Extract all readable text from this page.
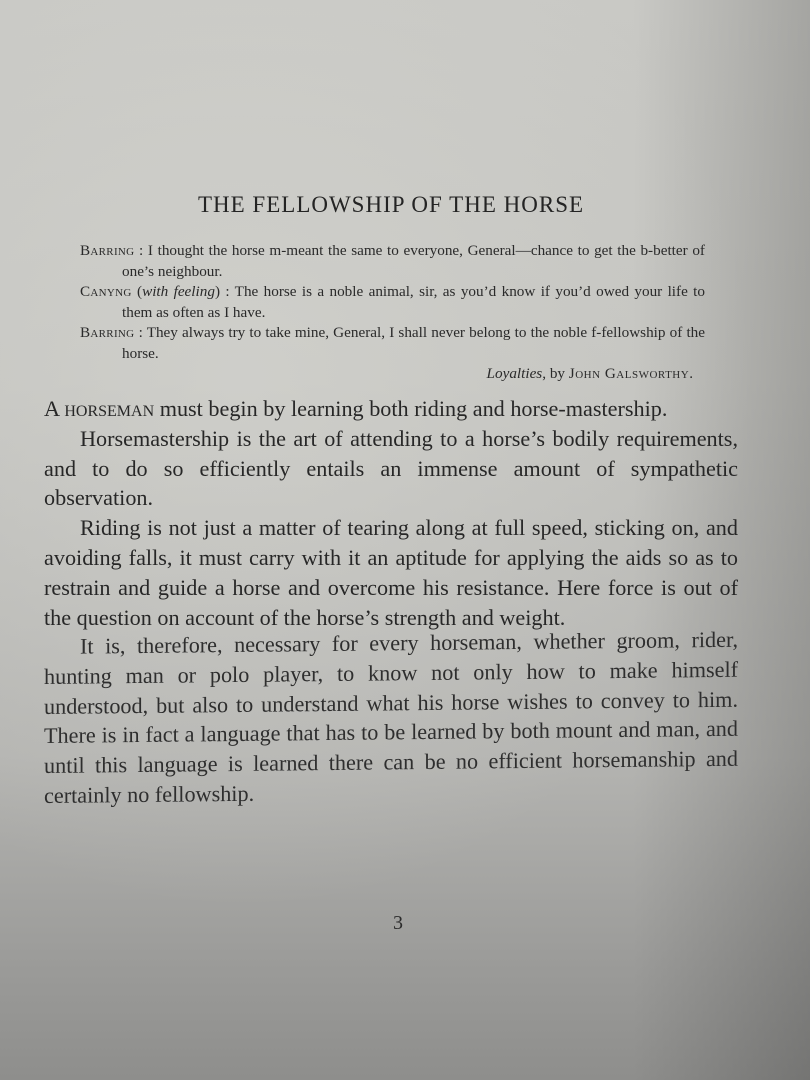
THE FELLOWSHIP OF THE HORSE

Barring : I thought the horse m-meant the same to everyone, General—chance to get the b-better of one’s neighbour.

Canyng (with feeling) : The horse is a noble animal, sir, as you’d know if you’d owed your life to them as often as I have.

Barring : They always try to take mine, General, I shall never belong to the noble f-fellowship of the horse.

Loyalties, by John Galsworthy.

A horseman must begin by learning both riding and horse-mastership.

Horsemastership is the art of attending to a horse’s bodily requirements, and to do so efficiently entails an immense amount of sympathetic observation.

Riding is not just a matter of tearing along at full speed, sticking on, and avoiding falls, it must carry with it an aptitude for applying the aids so as to restrain and guide a horse and overcome his resistance. Here force is out of the question on account of the horse’s strength and weight.

It is, therefore, necessary for every horseman, whether groom, rider, hunting man or polo player, to know not only how to make himself understood, but also to understand what his horse wishes to convey to him. There is in fact a language that has to be learned by both mount and man, and until this language is learned there can be no efficient horsemanship and certainly no fellowship.

3
